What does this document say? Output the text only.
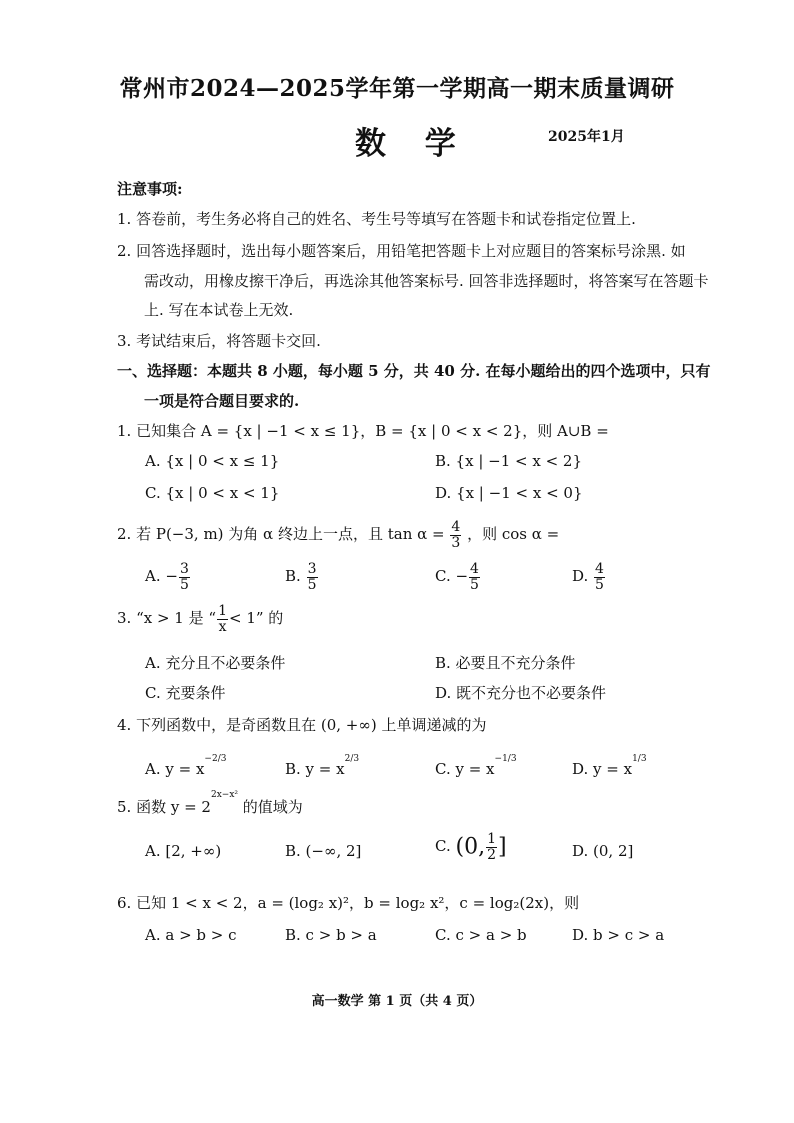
常州市2024—2025学年第一学期高一期末质量调研
数 学	2025年1月
注意事项:
1. 答卷前，考生务必将自己的姓名、考生号等填写在答题卡和试卷指定位置上.
2. 回答选择题时，选出每小题答案后，用铅笔把答题卡上对应题目的答案标号涂黑. 如
需改动，用橡皮擦干净后，再选涂其他答案标号. 回答非选择题时，将答案写在答题卡
上. 写在本试卷上无效.
3. 考试结束后，将答题卡交回.
一、选择题：本题共 8 小题，每小题 5 分，共 40 分. 在每小题给出的四个选项中，只有
一项是符合题目要求的.
1. 已知集合 A = {x | −1 < x ≤ 1}，B = {x | 0 < x < 2}，则 A∪B =
A. {x | 0 < x ≤ 1}	B. {x | −1 < x < 2}
C. {x | 0 < x < 1}	D. {x | −1 < x < 0}
2. 若 P(−3, m) 为角 α 终边上一点，且 $\tan \alpha = \frac{4}{3}$ ，则 cos α =
A. − $\frac{3}{5}$	B. $\frac{3}{5}$	C. − $\frac{4}{5}$	D. $\frac{4}{5}$
3. “x > 1 是 “ $\frac{1}{x} < 1$” 的
A. 充分且不必要条件	B. 必要且不充分条件
C. 充要条件	D. 既不充分也不必要条件
4. 下列函数中，是奇函数且在 (0, +∞) 上单调递减的为
A. $y = x^{-2/3}$
B. $y = x^{2/3}$
C. $y = x^{-1/3}$
D. $y = x^{1/3}$
5. 函数 $y = 2^{2x-x^2}$ 的值域为
A. [2, +∞)	B. (−∞, 2]	C. (0, $\frac{1}{2}$ ]	D. (0, 2]
6. 已知 1 < x < 2，a = (log₂ x)²，b = log₂ x²，c = log₂(2x)，则
A. a > b > c	B. c > b > a	C. c > a > b	D. b > c > a
高一数学 第 1 页（共 4 页）
